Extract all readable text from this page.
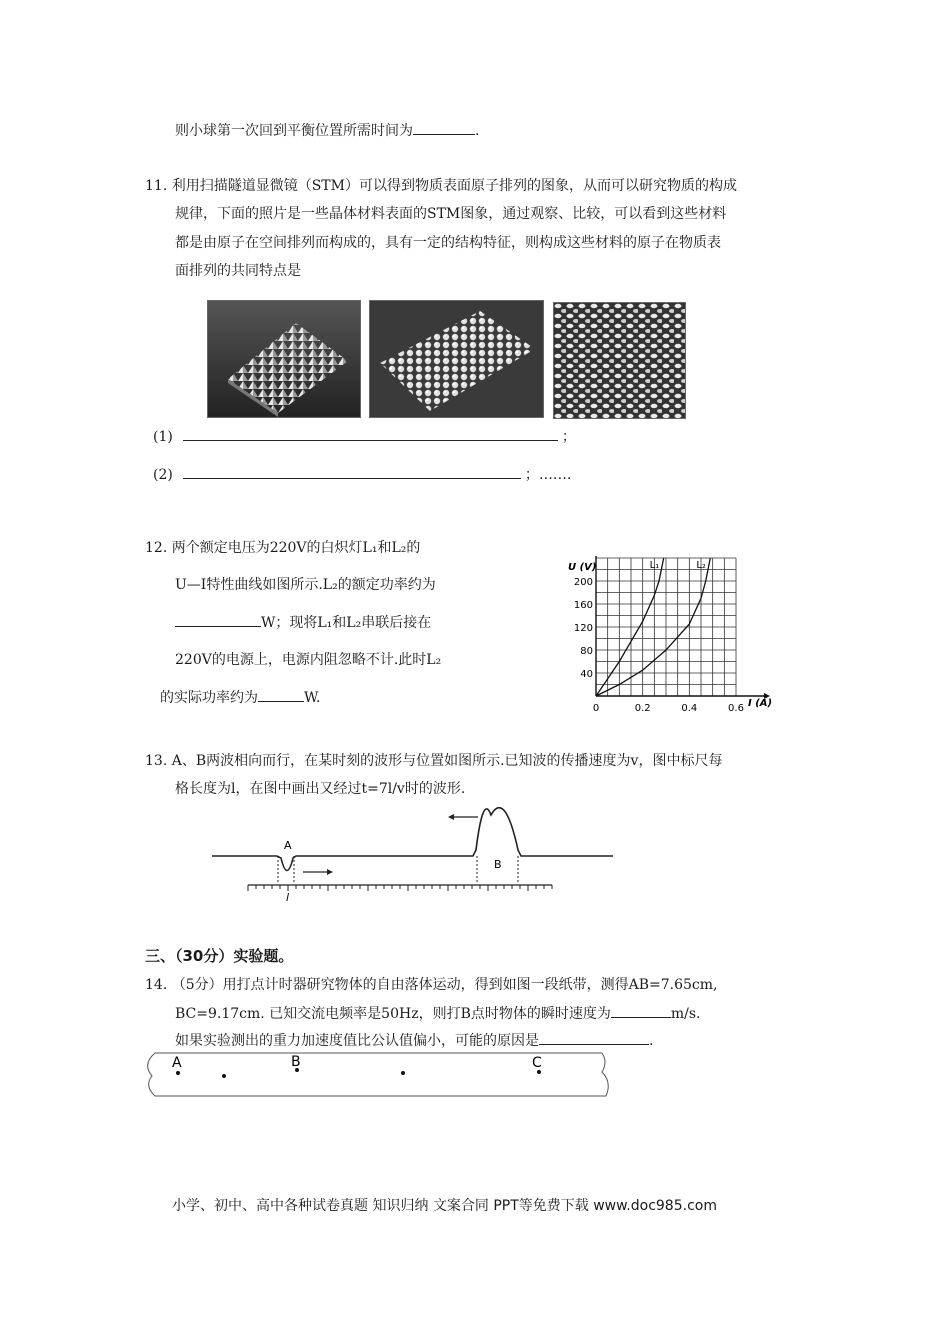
则小球第一次回到平衡位置所需时间为	.
11. 利用扫描隧道显微镜（STM）可以得到物质表面原子排列的图象，从而可以研究物质的构成
规律，下面的照片是一些晶体材料表面的STM图象，通过观察、比较，可以看到这些材料
都是由原子在空间排列而构成的，具有一定的结构特征，则构成这些材料的原子在物质表
面排列的共同特点是
(1)	；
(2)	；…….
12. 两个额定电压为220V的白炽灯L₁和L₂的
U—I特性曲线如图所示.L₂的额定功率约为
W；现将L₁和L₂串联后接在
220V的电源上，电源内阻忽略不计.此时L₂
的实际功率约为	W.
U (V)
I (A)
40
80
120
160
200
0	0.2	0.4	0.6
L₁	L₂
13. A、B两波相向而行，在某时刻的波形与位置如图所示.已知波的传播速度为v，图中标尺每
格长度为l，在图中画出又经过t=7l/v时的波形.
A
B
l
三、（30分）实验题。
14. （5分）用打点计时器研究物体的自由落体运动，得到如图一段纸带，测得AB=7.65cm,
BC=9.17cm. 已知交流电频率是50Hz，则打B点时物体的瞬时速度为	m/s.
如果实验测出的重力加速度值比公认值偏小，可能的原因是	.
A	B	C
小学、初中、高中各种试卷真题 知识归纳 文案合同 PPT等免费下载 www.doc985.com
